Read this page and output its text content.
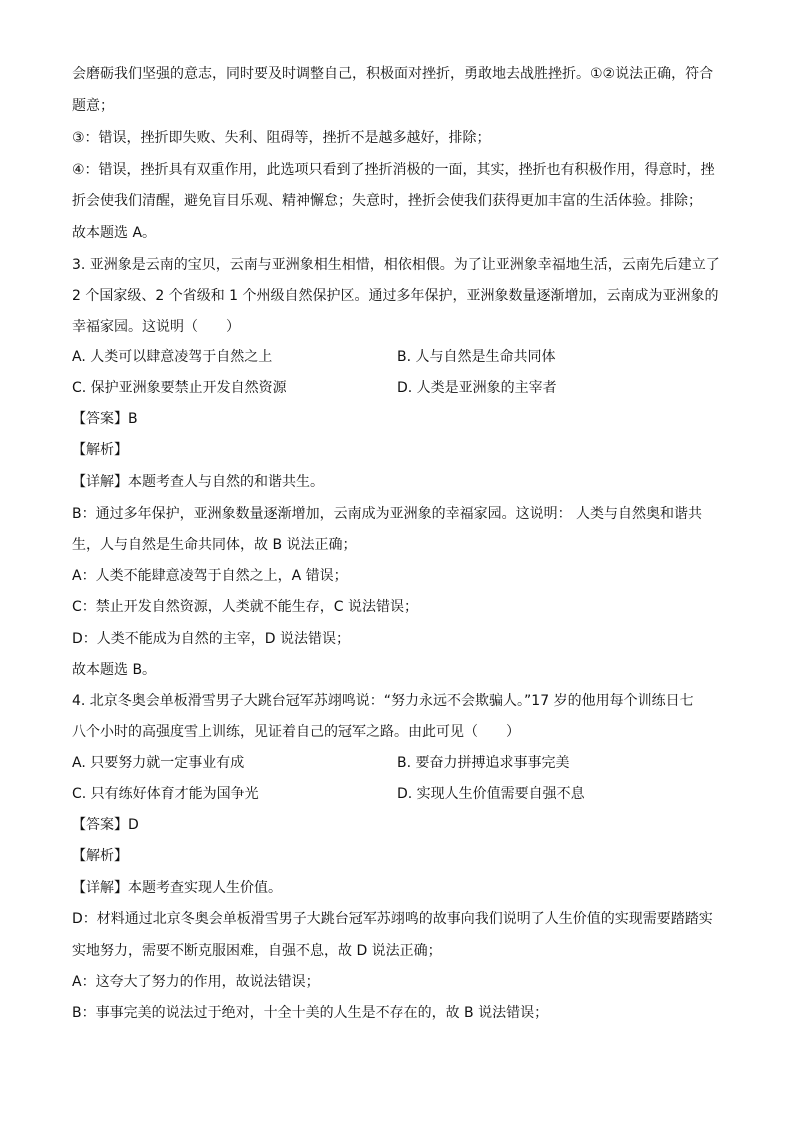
会磨砺我们坚强的意志，同时要及时调整自己，积极面对挫折，勇敢地去战胜挫折。①②说法正确，符合
题意；
③：错误，挫折即失败、失利、阻碍等，挫折不是越多越好，排除；
④：错误，挫折具有双重作用，此选项只看到了挫折消极的一面，其实，挫折也有积极作用，得意时，挫
折会使我们清醒，避免盲目乐观、精神懈怠；失意时，挫折会使我们获得更加丰富的生活体验。排除；
故本题选 A。
3. 亚洲象是云南的宝贝，云南与亚洲象相生相惜，相依相偎。为了让亚洲象幸福地生活，云南先后建立了
2 个国家级、2 个省级和 1 个州级自然保护区。通过多年保护，亚洲象数量逐渐增加，云南成为亚洲象的
幸福家园。这说明（　　）
A. 人类可以肆意凌驾于自然之上	B. 人与自然是生命共同体
C. 保护亚洲象要禁止开发自然资源	D. 人类是亚洲象的主宰者
【答案】B
【解析】
【详解】本题考查人与自然的和谐共生。
B：通过多年保护，亚洲象数量逐渐增加，云南成为亚洲象的幸福家园。这说明： 人类与自然奥和谐共
生，人与自然是生命共同体，故 B 说法正确；
A：人类不能肆意凌驾于自然之上，A 错误；
C：禁止开发自然资源，人类就不能生存，C 说法错误；
D：人类不能成为自然的主宰，D 说法错误；
故本题选 B。
4. 北京冬奥会单板滑雪男子大跳台冠军苏翊鸣说：“努力永远不会欺骗人。”17 岁的他用每个训练日七
八个小时的高强度雪上训练，见证着自己的冠军之路。由此可见（　　）
A. 只要努力就一定事业有成	B. 要奋力拼搏追求事事完美
C. 只有练好体育才能为国争光	D. 实现人生价值需要自强不息
【答案】D
【解析】
【详解】本题考查实现人生价值。
D：材料通过北京冬奥会单板滑雪男子大跳台冠军苏翊鸣的故事向我们说明了人生价值的实现需要踏踏实
实地努力，需要不断克服困难，自强不息，故 D 说法正确；
A：这夸大了努力的作用，故说法错误；
B：事事完美的说法过于绝对，十全十美的人生是不存在的，故 B 说法错误；
